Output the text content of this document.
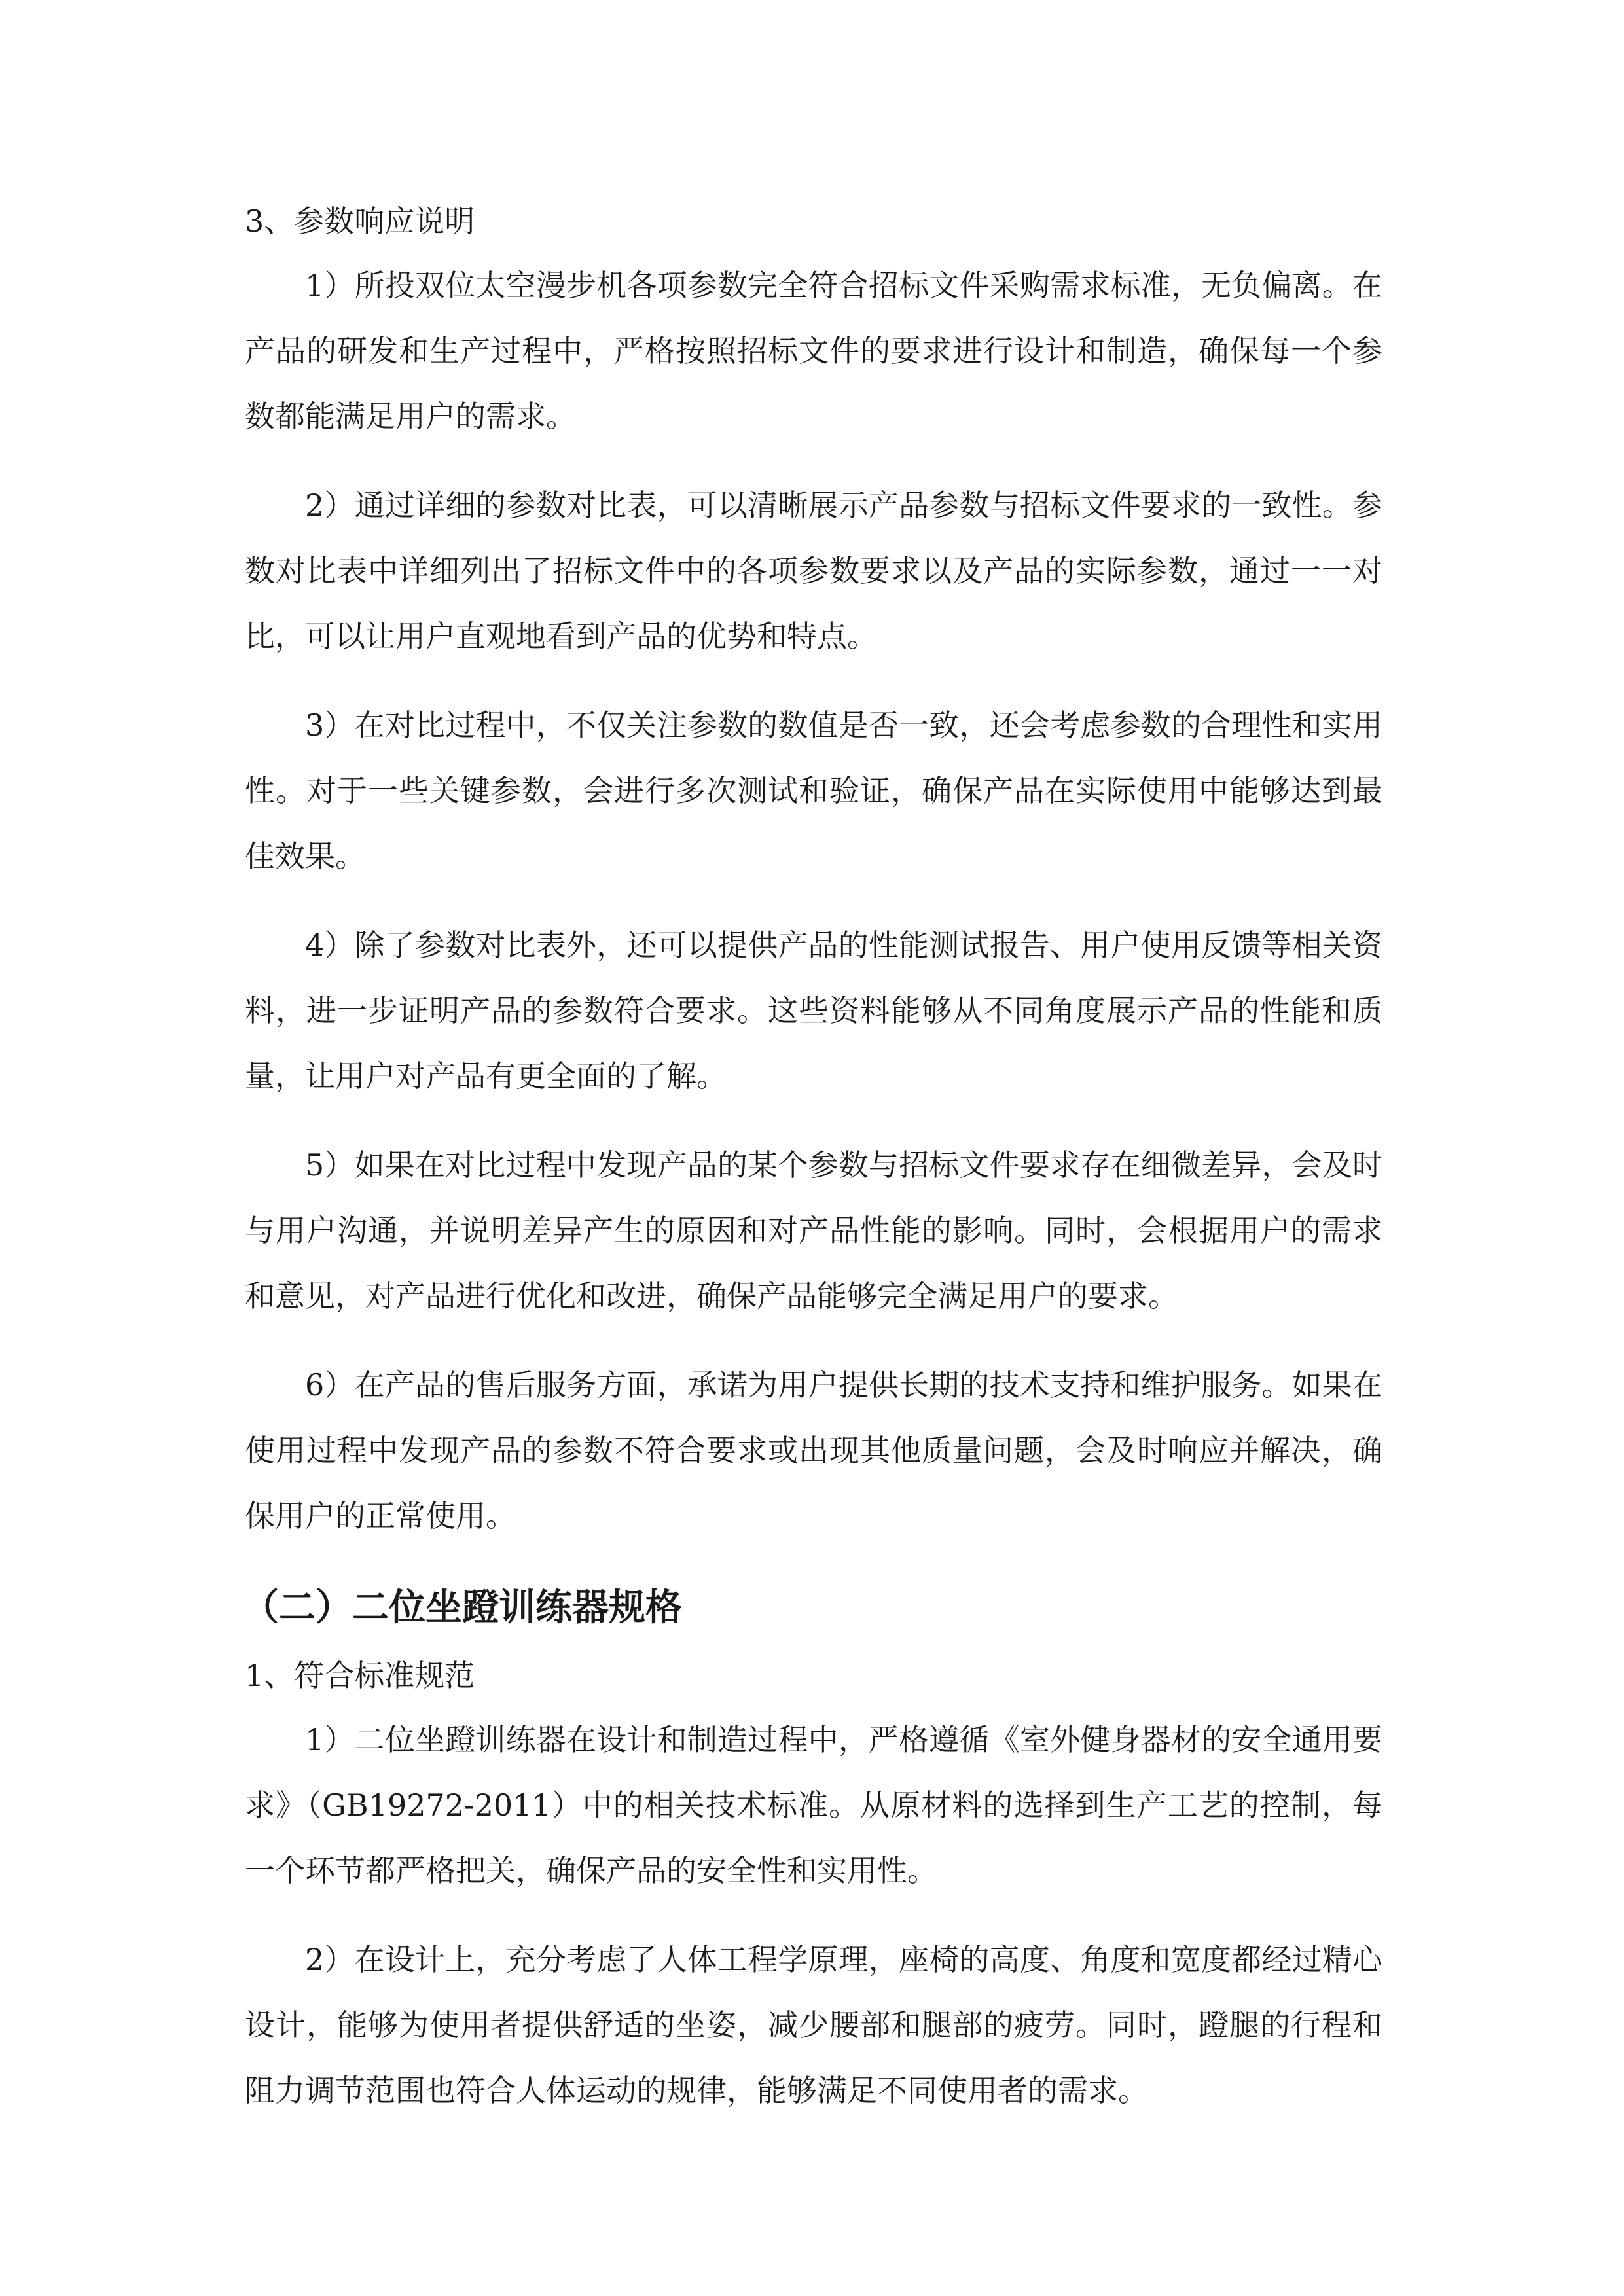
3、参数响应说明

1）所投双位太空漫步机各项参数完全符合招标文件采购需求标准，无负偏离。在产品的研发和生产过程中，严格按照招标文件的要求进行设计和制造，确保每一个参数都能满足用户的需求。

2）通过详细的参数对比表，可以清晰展示产品参数与招标文件要求的一致性。参数对比表中详细列出了招标文件中的各项参数要求以及产品的实际参数，通过一一对比，可以让用户直观地看到产品的优势和特点。

3）在对比过程中，不仅关注参数的数值是否一致，还会考虑参数的合理性和实用性。对于一些关键参数，会进行多次测试和验证，确保产品在实际使用中能够达到最佳效果。

4）除了参数对比表外，还可以提供产品的性能测试报告、用户使用反馈等相关资料，进一步证明产品的参数符合要求。这些资料能够从不同角度展示产品的性能和质量，让用户对产品有更全面的了解。

5）如果在对比过程中发现产品的某个参数与招标文件要求存在细微差异，会及时与用户沟通，并说明差异产生的原因和对产品性能的影响。同时，会根据用户的需求和意见，对产品进行优化和改进，确保产品能够完全满足用户的要求。

6）在产品的售后服务方面，承诺为用户提供长期的技术支持和维护服务。如果在使用过程中发现产品的参数不符合要求或出现其他质量问题，会及时响应并解决，确保用户的正常使用。

（二）二位坐蹬训练器规格

1、符合标准规范

1）二位坐蹬训练器在设计和制造过程中，严格遵循《室外健身器材的安全通用要求》（GB19272-2011）中的相关技术标准。从原材料的选择到生产工艺的控制，每一个环节都严格把关，确保产品的安全性和实用性。

2）在设计上，充分考虑了人体工程学原理，座椅的高度、角度和宽度都经过精心设计，能够为使用者提供舒适的坐姿，减少腰部和腿部的疲劳。同时，蹬腿的行程和阻力调节范围也符合人体运动的规律，能够满足不同使用者的需求。
